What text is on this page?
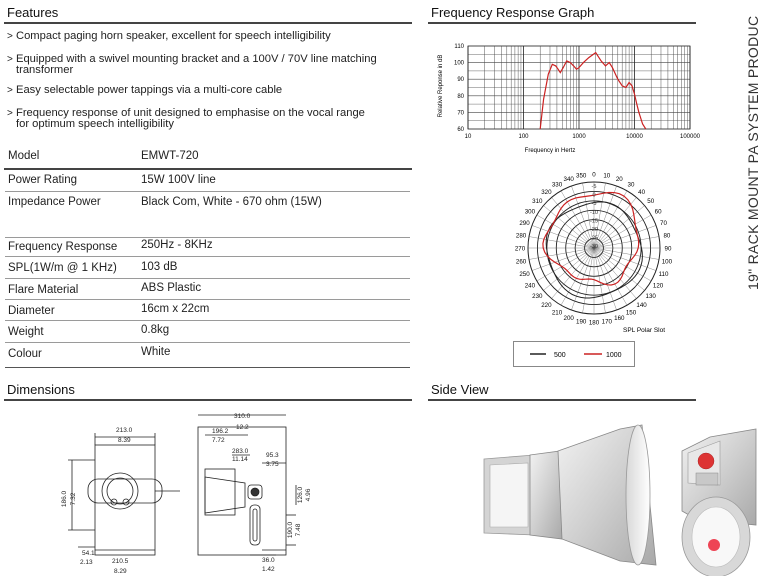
Features
> Compact paging horn speaker, excellent for speech intelligibility
> Equipped with a swivel mounting bracket and a 100V / 70V line matching
transformer
> Easy selectable power tappings via a multi-core cable
> Frequency response of unit designed to emphasise on the vocal range
for optimum speech intelligibility
Model	EMWT-720
Power Rating	15W 100V line
Impedance Power	Black Com, White - 670 ohm (15W)
Frequency Response 250Hz - 8KHz
SPL(1W/m @ 1 KHz) 103 dB
Flare Material	ABS Plastic
Diameter	16cm x 22cm
Weight	0.8kg
Colour	White
Frequency Response Graph
10	100	1000	10000	100000
60
70
80
90
100
110
Frequency in Hertz
Relative Reponse in dB
350 0 10 20
30
40
50
60
70
80
90
100
110
120
130
140
150
160
170
180
190
200
210
220
230
240
250
260
270
280
290
300
310
320
330
340
-5
0
-5
-10
-15
-20
-25
-30
SPL Polar Slot
500	1000
19" RACK MOUNT PA SYSTEM PRODUC
Dimensions
213.0
8.39
186.0 7.32
54.1
2.13	210.5
8.29
310.0
12.2
196.2
7.72
283.0
11.14
95.3
3.75
126.0 4.96
190.0 7.48
36.0
1.42
Side View
